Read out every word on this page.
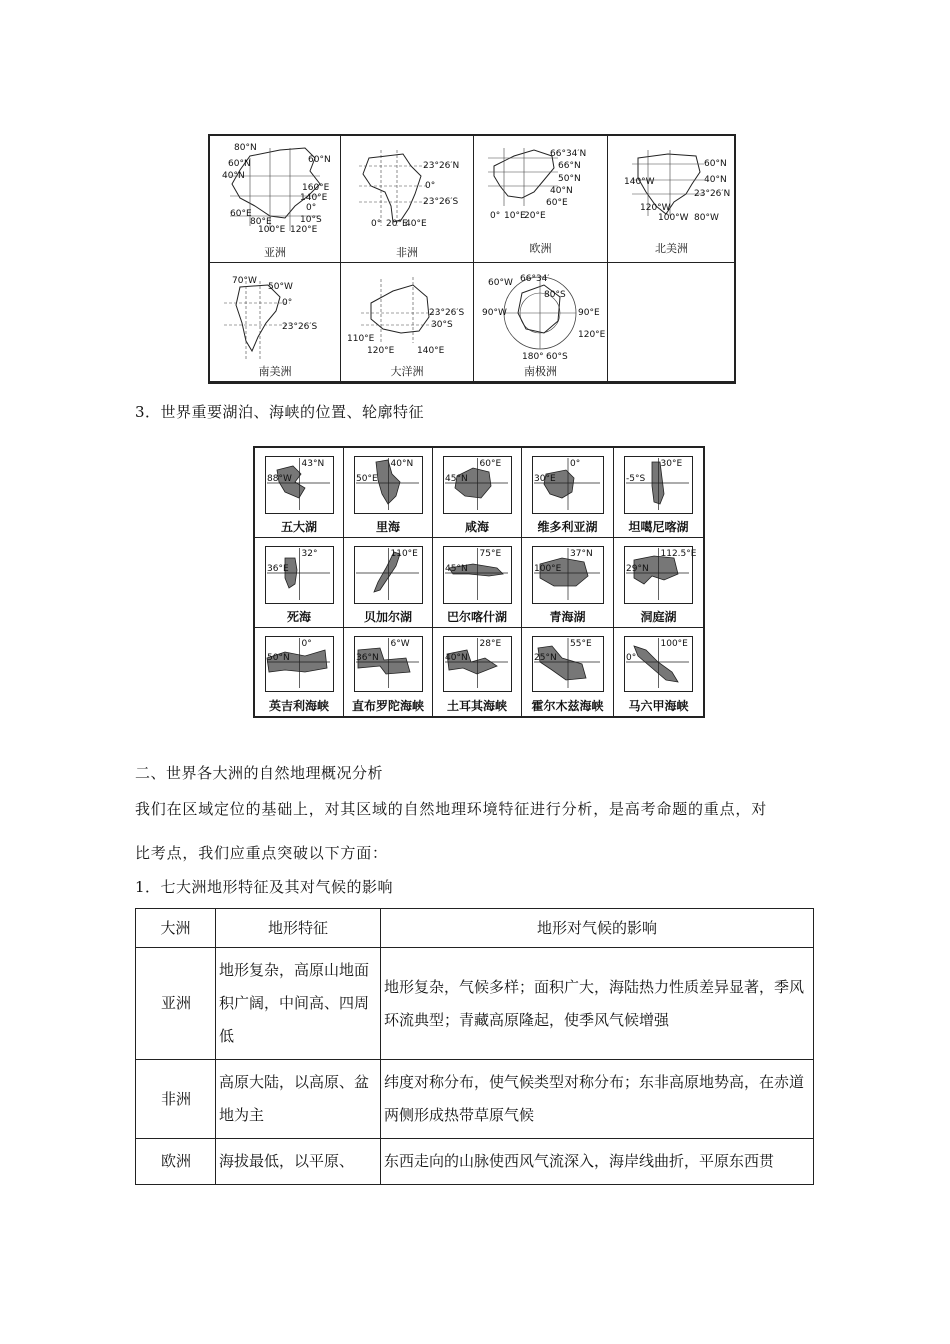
80°N
60°N
40°N
60°N
160°E
140°E
0°
60°E
80°E	10°S
100°E 120°E
亚洲
23°26′N
0°
23°26′S
0° 20°E
40°E
非洲
66°34′N
66°N
50°N
40°N
60°E
0° 10°E
20°E
欧洲
60°N
140°W	40°N
23°26′N
120°W
100°W 80°W
北美洲
70°W
50°W
0°
23°26′S
南美洲
23°26′S
30°S
110°E
120°E	140°E
大洋洲
60°W 66°34′
80°S
90°W	90°E
120°E
180° 60°S
南极洲
3．世界重要湖泊、海峡的位置、轮廓特征
43°N
88°W
五大湖
40°N
50°E
里海
60°E
45°N
咸海
0°
30°E
维多利亚湖
30°E
-5°S
坦噶尼喀湖
32°
36°E
死海
110°E
贝加尔湖
75°E
45°N
巴尔喀什湖
37°N
100°E
青海湖
112.5°E
29°N
洞庭湖
0°
50°N
英吉利海峡
6°W
36°N
直布罗陀海峡
28°E
40°N
土耳其海峡
55°E
25°N
霍尔木兹海峡
100°E
0°
马六甲海峡
二、世界各大洲的自然地理概况分析
我们在区域定位的基础上，对其区域的自然地理环境特征进行分析，是高考命题的重点，对
比考点，我们应重点突破以下方面：
1．七大洲地形特征及其对气候的影响
大洲	地形特征	地形对气候的影响
亚洲	地形复杂，高原山地面积广阔，中间高、四周低	地形复杂，气候多样；面积广大，海陆热力性质差异显著，季风环流典型；青藏高原隆起，使季风气候增强
非洲	高原大陆，以高原、盆地为主	纬度对称分布，使气候类型对称分布；东非高原地势高，在赤道两侧形成热带草原气候
欧洲	海拔最低，以平原、	东西走向的山脉使西风气流深入，海岸线曲折，平原东西贯
